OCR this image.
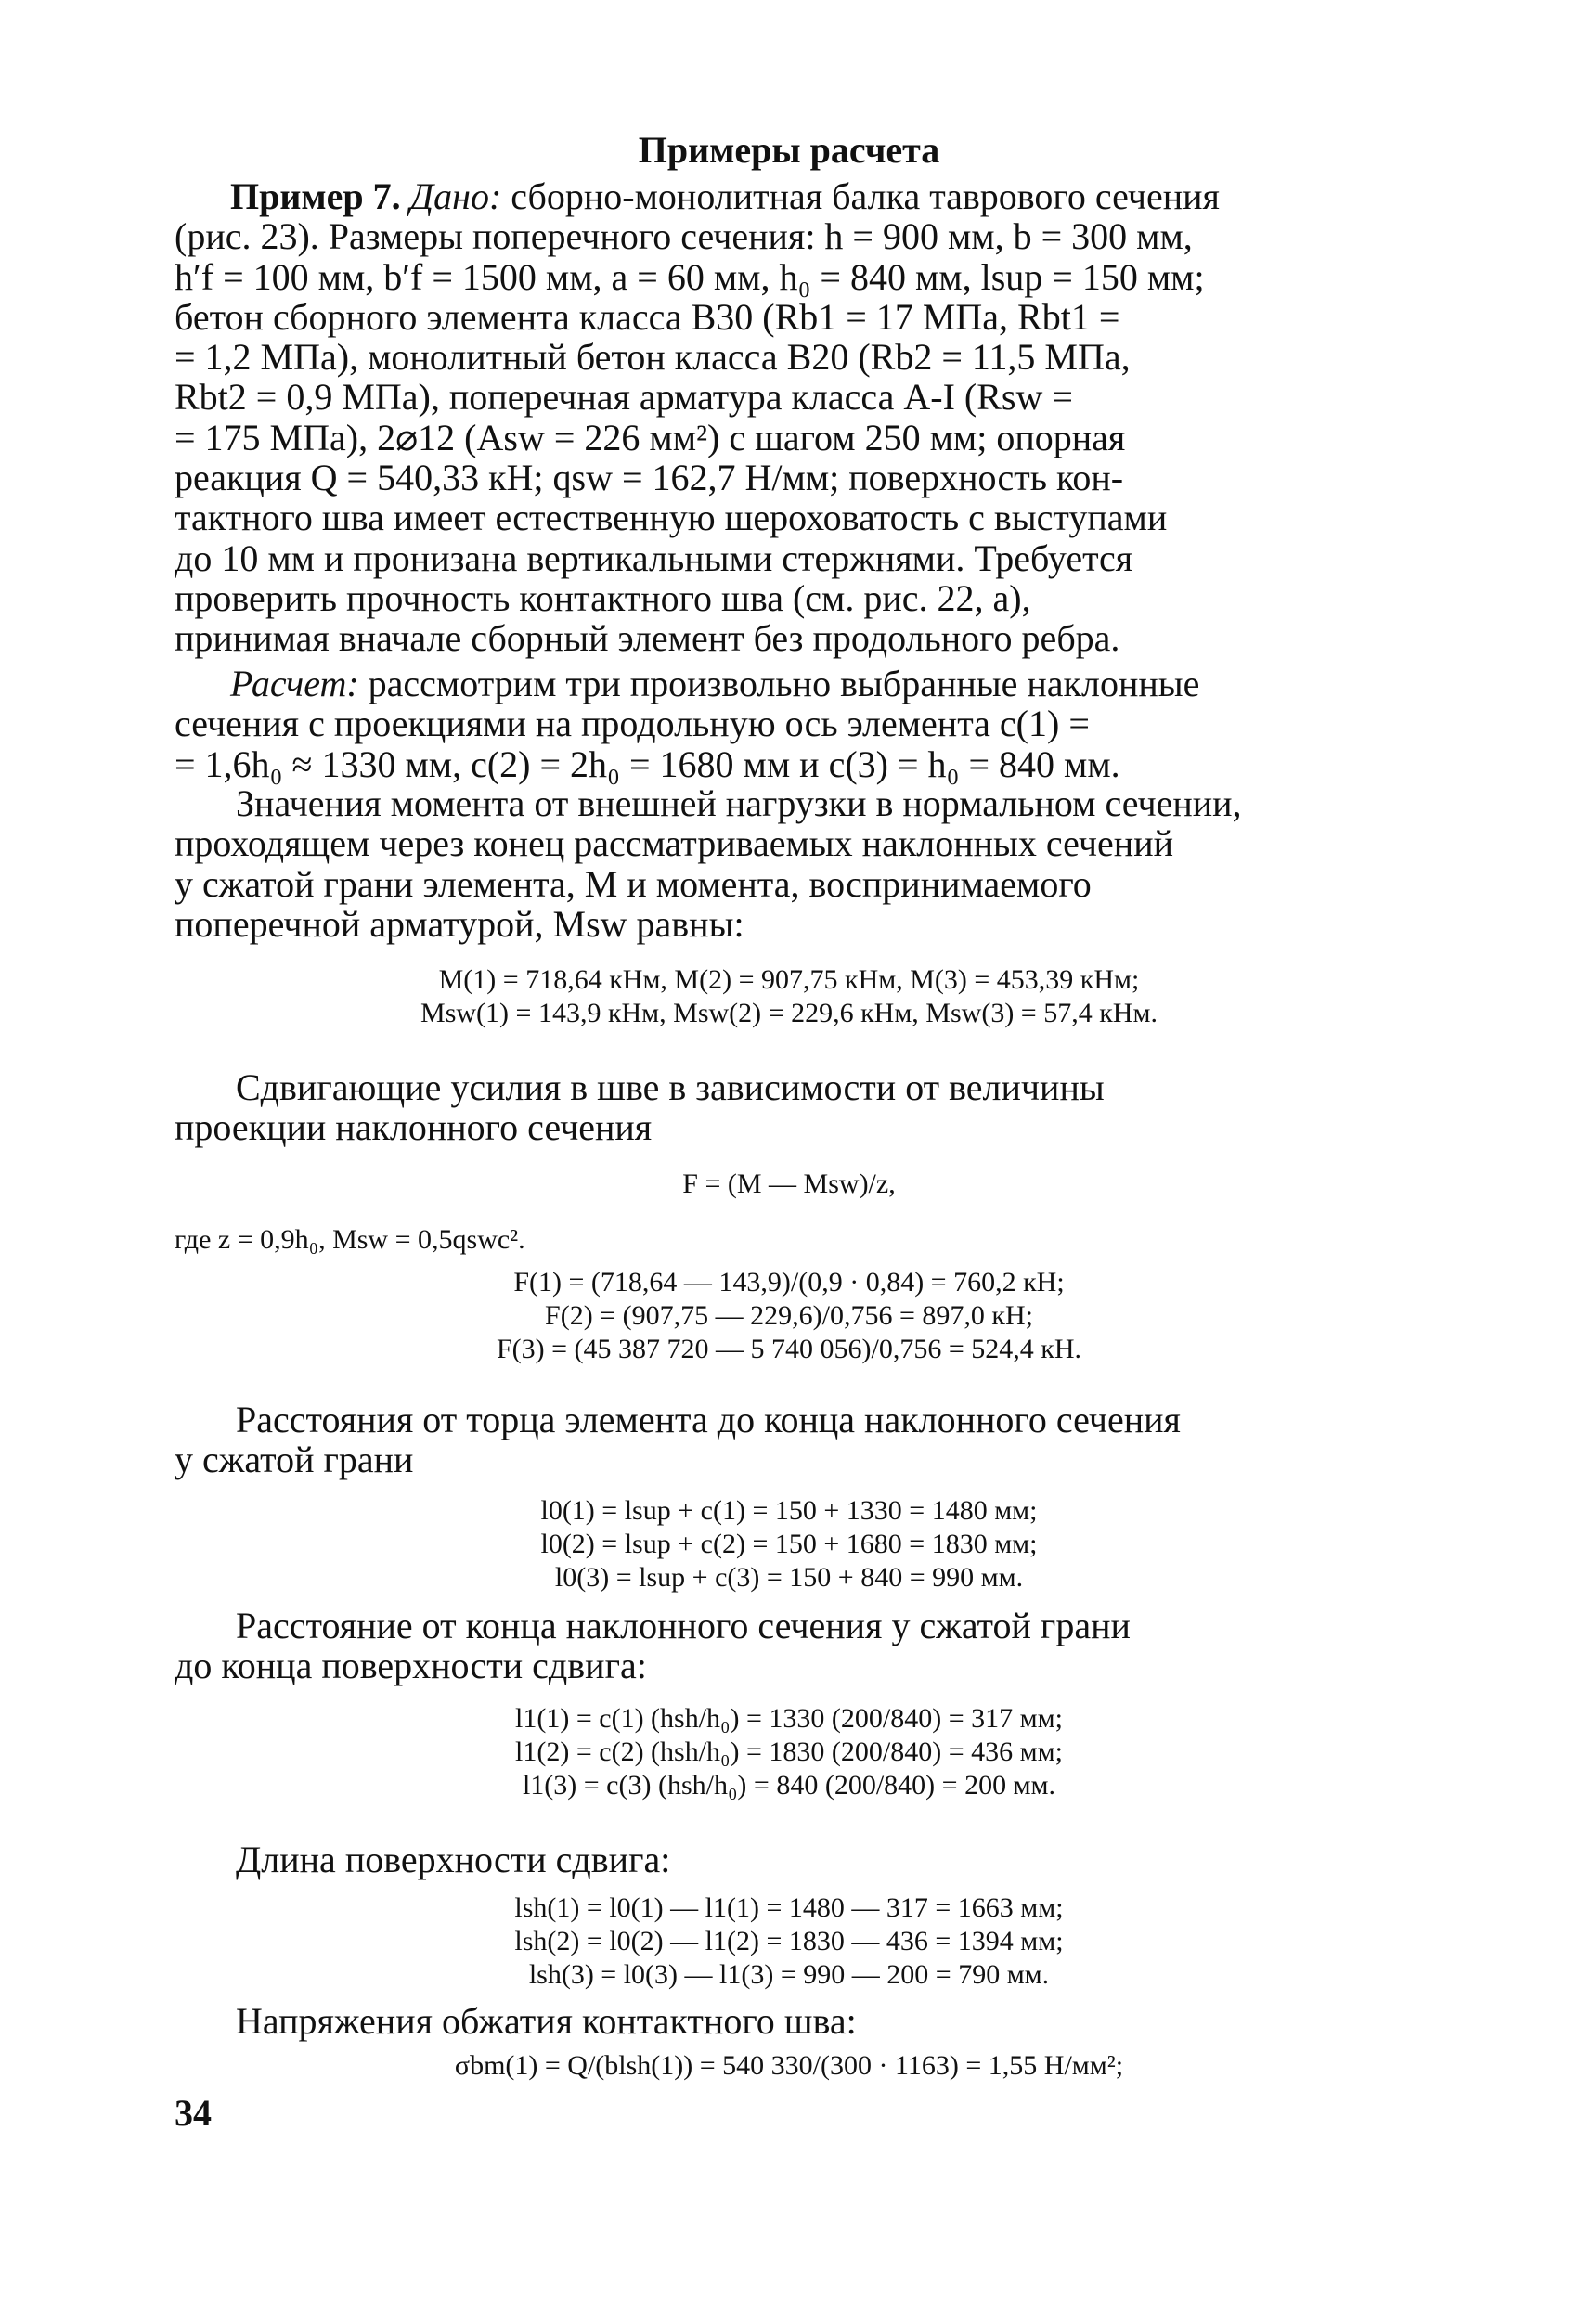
Примеры расчета
Пример 7. Дано: сборно-монолитная балка таврового сечения
(рис. 23). Размеры поперечного сечения: h = 900 мм, b = 300 мм,
h′f = 100 мм, b′f = 1500 мм, a = 60 мм, h₀ = 840 мм, lsup = 150 мм;
бетон сборного элемента класса В30 (Rb1 = 17 МПа, Rbt1 =
= 1,2 МПа), монолитный бетон класса В20 (Rb2 = 11,5 МПа,
Rbt2 = 0,9 МПа), поперечная арматура класса А-I (Rsw =
= 175 МПа), 2⌀12 (Asw = 226 мм²) с шагом 250 мм; опорная
реакция Q = 540,33 кН; qsw = 162,7 Н/мм; поверхность кон-
тактного шва имеет естественную шероховатость с выступами
до 10 мм и пронизана вертикальными стержнями. Требуется
проверить прочность контактного шва (см. рис. 22, а),
принимая вначале сборный элемент без продольного ребра.
Расчет: рассмотрим три произвольно выбранные наклонные
сечения с проекциями на продольную ось элемента c(1) =
= 1,6h₀ ≈ 1330 мм, c(2) = 2h₀ = 1680 мм и c(3) = h₀ = 840 мм.
Значения момента от внешней нагрузки в нормальном сечении,
проходящем через конец рассматриваемых наклонных сечений
у сжатой грани элемента, M и момента, воспринимаемого
поперечной арматурой, Msw равны:
M(1) = 718,64 кНм, M(2) = 907,75 кНм, M(3) = 453,39 кНм;
Msw(1) = 143,9 кНм, Msw(2) = 229,6 кНм, Msw(3) = 57,4 кНм.
Сдвигающие усилия в шве в зависимости от величины
проекции наклонного сечения
F = (M — Msw)/z,
где z = 0,9h₀, Msw = 0,5qswc².
F(1) = (718,64 — 143,9)/(0,9 · 0,84) = 760,2 кН;
F(2) = (907,75 — 229,6)/0,756 = 897,0 кН;
F(3) = (45 387 720 — 5 740 056)/0,756 = 524,4 кН.
Расстояния от торца элемента до конца наклонного сечения
у сжатой грани
l0(1) = lsup + c(1) = 150 + 1330 = 1480 мм;
l0(2) = lsup + c(2) = 150 + 1680 = 1830 мм;
l0(3) = lsup + c(3) = 150 + 840 = 990 мм.
Расстояние от конца наклонного сечения у сжатой грани
до конца поверхности сдвига:
l1(1) = c(1) (hsh/h₀) = 1330 (200/840) = 317 мм;
l1(2) = c(2) (hsh/h₀) = 1830 (200/840) = 436 мм;
l1(3) = c(3) (hsh/h₀) = 840 (200/840) = 200 мм.
Длина поверхности сдвига:
lsh(1) = l0(1) — l1(1) = 1480 — 317 = 1663 мм;
lsh(2) = l0(2) — l1(2) = 1830 — 436 = 1394 мм;
lsh(3) = l0(3) — l1(3) = 990 — 200 = 790 мм.
Напряжения обжатия контактного шва:
σbm(1) = Q/(blsh(1)) = 540 330/(300 · 1163) = 1,55 Н/мм²;
34
